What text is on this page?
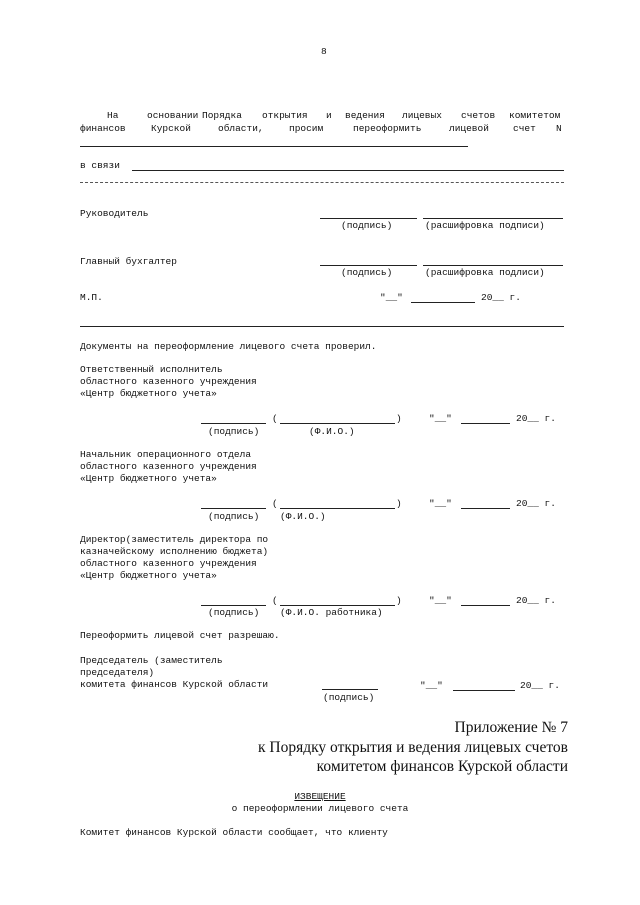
8
На	основании Порядка открытия и ведения лицевых счетов комитетом
финансов	Курской	области,	просим	переоформить	лицевой	счет N
в связи
Руководитель
(подпись)	(расшифровка подписи)
Главный бухгалтер
(подпись)	(расшифровка подлиси)
М.П.	"__"	20__ г.
Документы на переоформление лицевого счета проверил.
Ответственный исполнитель
областного казенного учреждения
«Центр бюджетного учета»
(	)	"__"	20__ г.
(подпись)	(Ф.И.О.)
Начальник операционного отдела
областного казенного учреждения
«Центр бюджетного учета»
(	)	"__"	20__ г.
(подпись) (Ф.И.О.)
Директор(заместитель директора по
казначейскому исполнению бюджета)
областного казенного учреждения
«Центр бюджетного учета»
(	)	"__"	20__ г.
(подпись) (Ф.И.О. работника)
Переоформить лицевой счет разрешаю.
Председатель (заместитель
председателя)
комитета финансов Курской области	"__"	20__ г.
(подпись)
Приложение № 7
к Порядку открытия и ведения лицевых счетов
комитетом финансов Курской области
ИЗВЕЩЕНИЕ
о переоформлении лицевого счета
Комитет финансов Курской области сообщает, что клиенту
